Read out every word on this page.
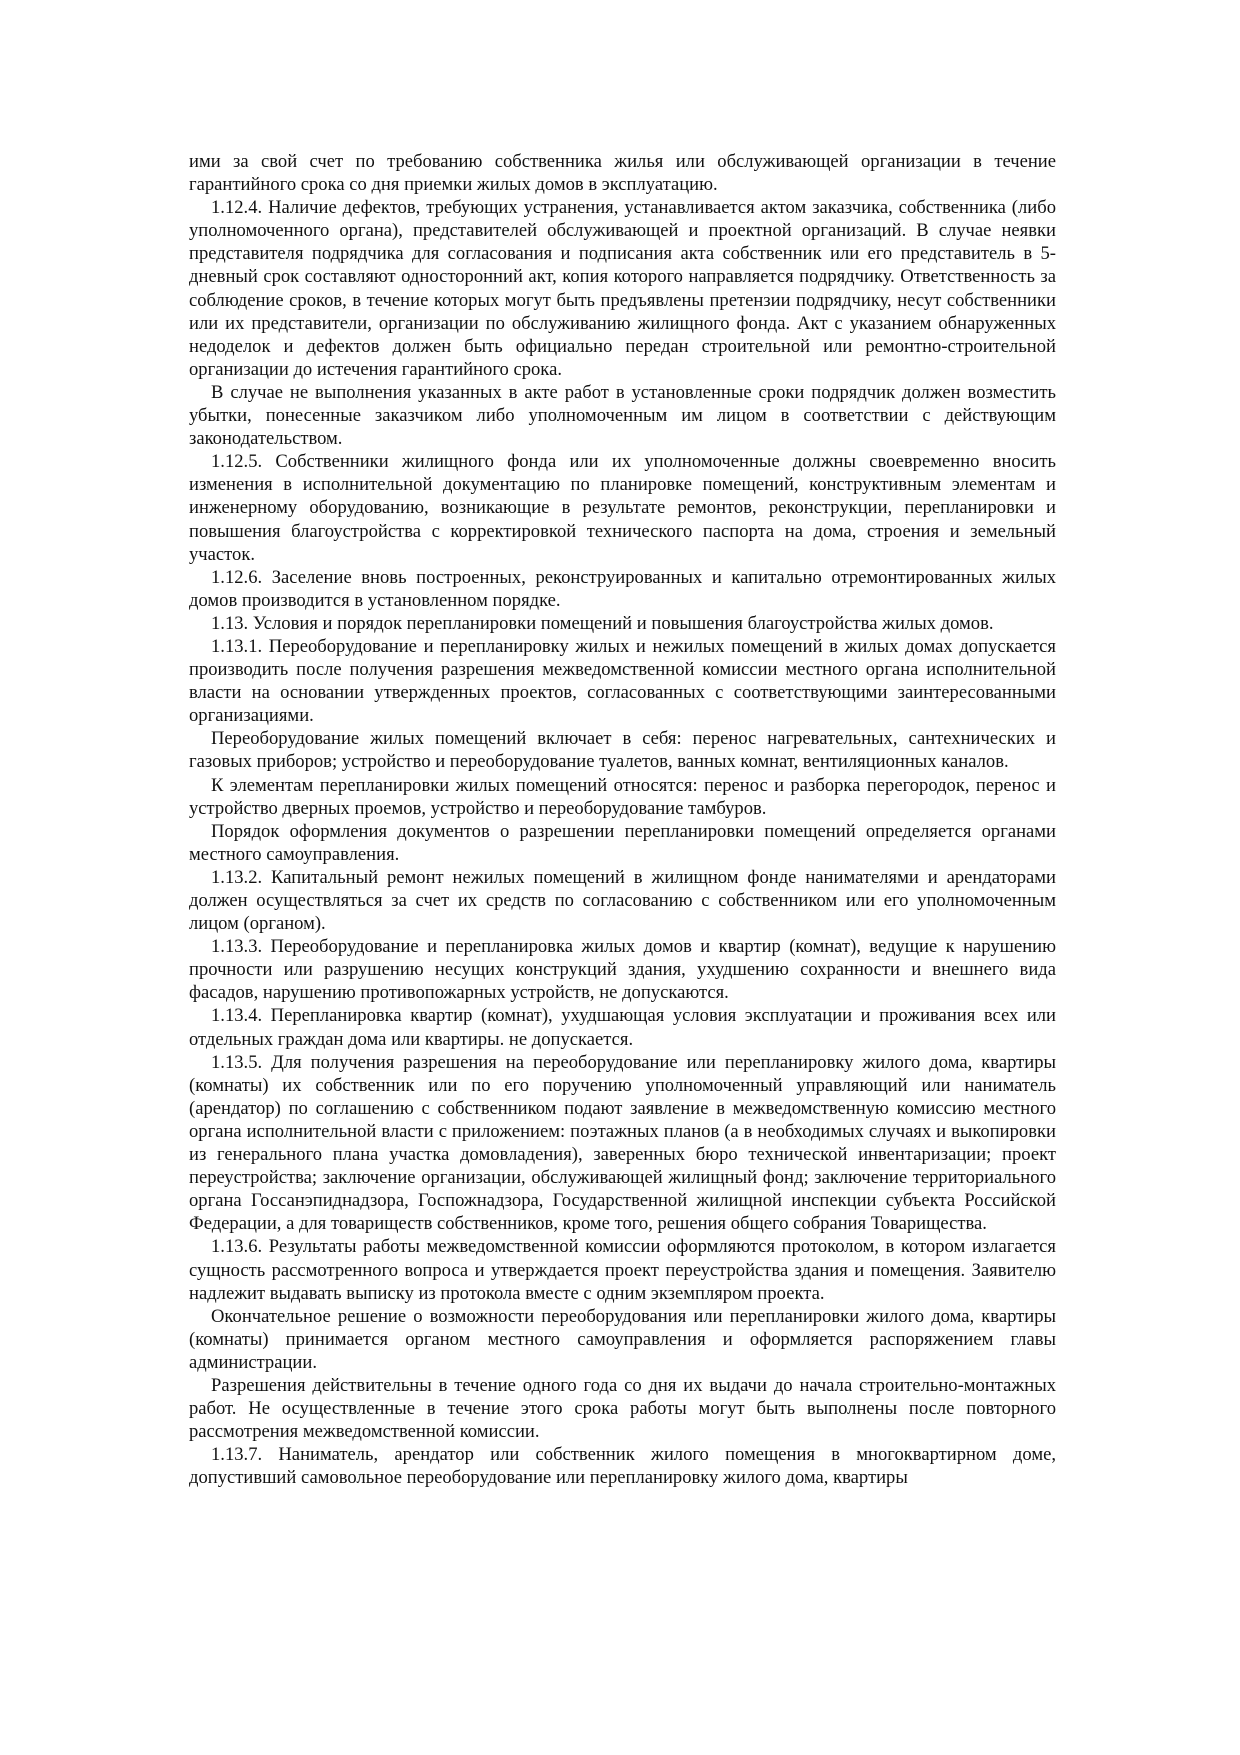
ими за свой счет по требованию собственника жилья или обслуживающей организации в течение гарантийного срока со дня приемки жилых домов в эксплуатацию.

1.12.4. Наличие дефектов, требующих устранения, устанавливается актом заказчика, собственника (либо уполномоченного органа), представителей обслуживающей и проектной организаций. В случае неявки представителя подрядчика для согласования и подписания акта собственник или его представитель в 5-дневный срок составляют односторонний акт, копия которого направляется подрядчику. Ответственность за соблюдение сроков, в течение которых могут быть предъявлены претензии подрядчику, несут собственники или их представители, организации по обслуживанию жилищного фонда. Акт с указанием обнаруженных недоделок и дефектов должен быть официально передан строительной или ремонтно-строительной организации до истечения гарантийного срока.

В случае не выполнения указанных в акте работ в установленные сроки подрядчик должен возместить убытки, понесенные заказчиком либо уполномоченным им лицом в соответствии с действующим законодательством.

1.12.5. Собственники жилищного фонда или их уполномоченные должны своевременно вносить изменения в исполнительной документацию по планировке помещений, конструктивным элементам и инженерному оборудованию, возникающие в результате ремонтов, реконструкции, перепланировки и повышения благоустройства с корректировкой технического паспорта на дома, строения и земельный участок.

1.12.6. Заселение вновь построенных, реконструированных и капитально отремонтированных жилых домов производится в установленном порядке.

1.13. Условия и порядок перепланировки помещений и повышения благоустройства жилых домов.

1.13.1. Переоборудование и перепланировку жилых и нежилых помещений в жилых домах допускается производить после получения разрешения межведомственной комиссии местного органа исполнительной власти на основании утвержденных проектов, согласованных с соответствующими заинтересованными организациями.

Переоборудование жилых помещений включает в себя: перенос нагревательных, сантехнических и газовых приборов; устройство и переоборудование туалетов, ванных комнат, вентиляционных каналов.

К элементам перепланировки жилых помещений относятся: перенос и разборка перегородок, перенос и устройство дверных проемов, устройство и переоборудование тамбуров.

Порядок оформления документов о разрешении перепланировки помещений определяется органами местного самоуправления.

1.13.2. Капитальный ремонт нежилых помещений в жилищном фонде нанимателями и арендаторами должен осуществляться за счет их средств по согласованию с собственником или его уполномоченным лицом (органом).

1.13.3. Переоборудование и перепланировка жилых домов и квартир (комнат), ведущие к нарушению прочности или разрушению несущих конструкций здания, ухудшению сохранности и внешнего вида фасадов, нарушению противопожарных устройств, не допускаются.

1.13.4. Перепланировка квартир (комнат), ухудшающая условия эксплуатации и проживания всех или отдельных граждан дома или квартиры. не допускается.

1.13.5. Для получения разрешения на переоборудование или перепланировку жилого дома, квартиры (комнаты) их собственник или по его поручению уполномоченный управляющий или наниматель (арендатор) по соглашению с собственником подают заявление в межведомственную комиссию местного органа исполнительной власти с приложением: поэтажных планов (а в необходимых случаях и выкопировки из генерального плана участка домовладения), заверенных бюро технической инвентаризации; проект переустройства; заключение организации, обслуживающей жилищный фонд; заключение территориального органа Госсанэпиднадзора, Госпожнадзора, Государственной жилищной инспекции субъекта Российской Федерации, а для товариществ собственников, кроме того, решения общего собрания Товарищества.

1.13.6. Результаты работы межведомственной комиссии оформляются протоколом, в котором излагается сущность рассмотренного вопроса и утверждается проект переустройства здания и помещения. Заявителю надлежит выдавать выписку из протокола вместе с одним экземпляром проекта.

Окончательное решение о возможности переоборудования или перепланировки жилого дома, квартиры (комнаты) принимается органом местного самоуправления и оформляется распоряжением главы администрации.

Разрешения действительны в течение одного года со дня их выдачи до начала строительно-монтажных работ. Не осуществленные в течение этого срока работы могут быть выполнены после повторного рассмотрения межведомственной комиссии.

1.13.7. Наниматель, арендатор или собственник жилого помещения в многоквартирном доме, допустивший самовольное переоборудование или перепланировку жилого дома, квартиры
